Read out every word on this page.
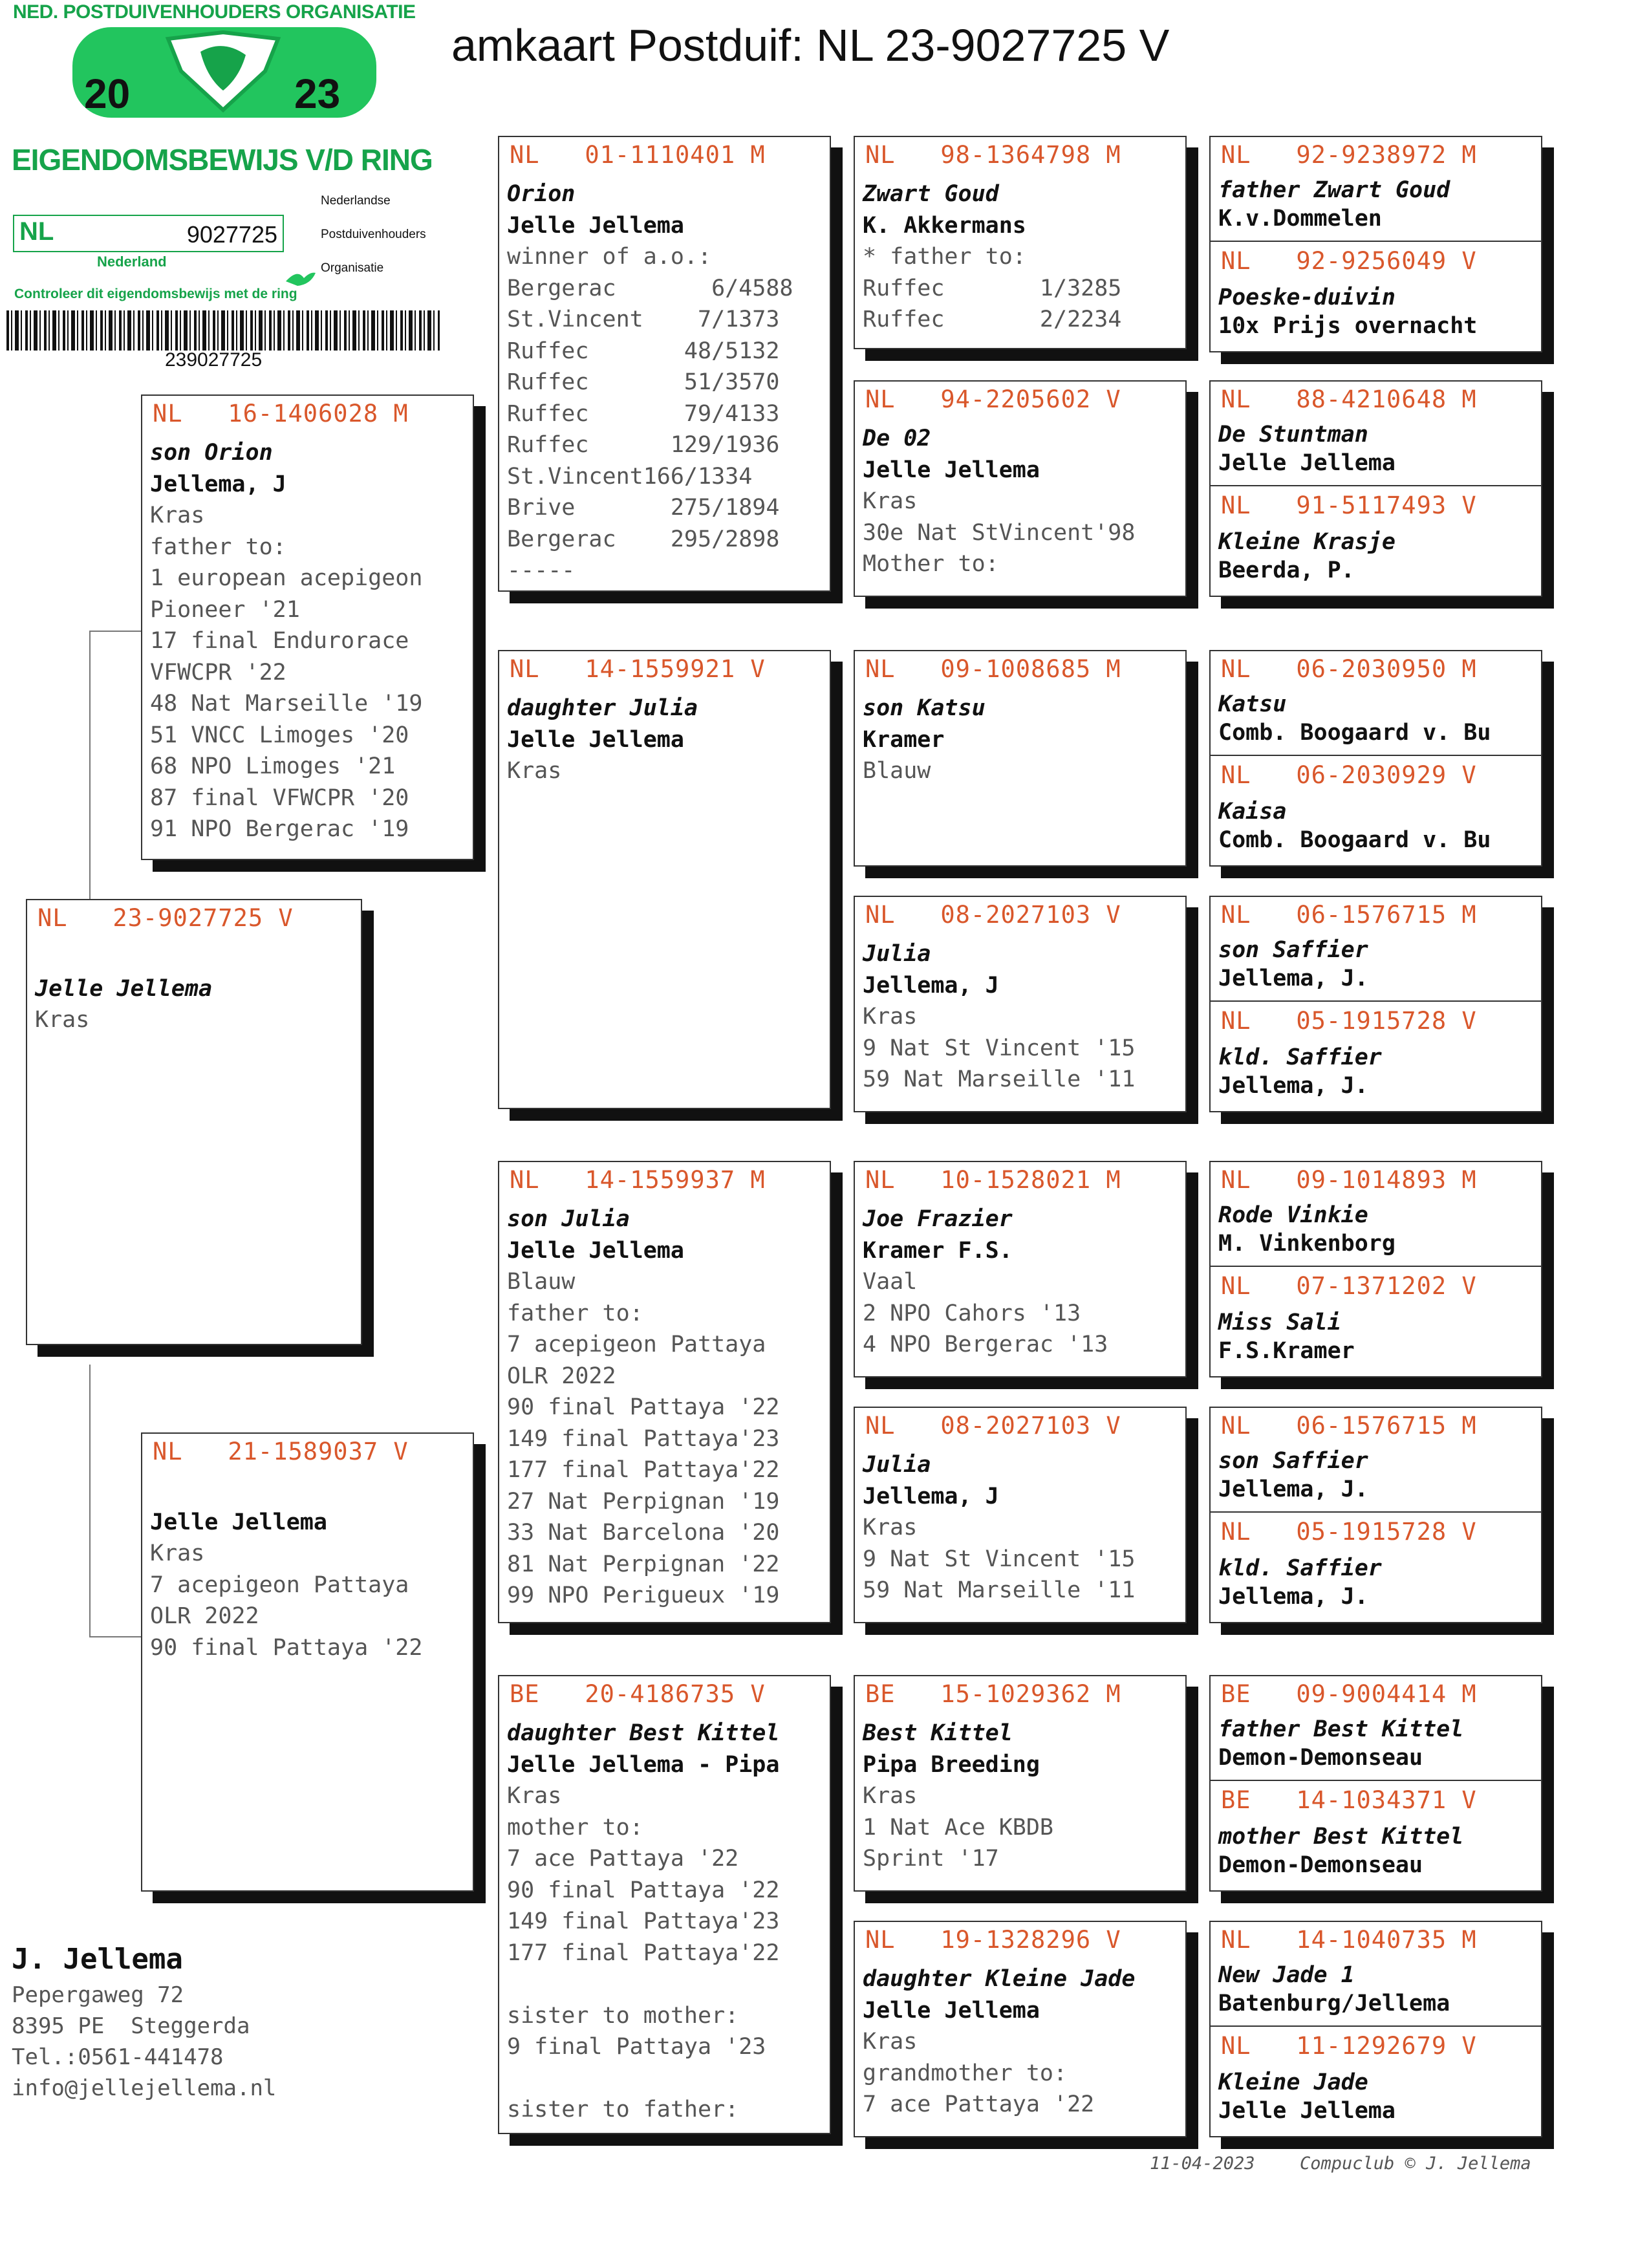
amkaart Postduif: NL 23-9027725 V
NED. POSTDUIVENHOUDERS ORGANISATIE
20	23
EIGENDOMSBEWIJS V/D RING
NL	9027725
Nederlandse
Postduivenhouders
Organisatie
Nederland
Controleer dit eigendomsbewijs met de ring
239027725
NL   23-9027725 V
Jelle Jellema
Kras
NL   16-1406028 M
son Orion
Jellema, J
Kras
father to:
1 european acepigeon
Pioneer '21
17 final Endurorace
VFWCPR '22
48 Nat Marseille '19
51 VNCC Limoges '20
68 NPO Limoges '21
87 final VFWCPR '20
91 NPO Bergerac '19
NL   21-1589037 V
Jelle Jellema
Kras
7 acepigeon Pattaya
OLR 2022
90 final Pattaya '22
NL   01-1110401 M
Orion
Jelle Jellema
winner of a.o.:
Bergerac       6/4588
St.Vincent    7/1373
Ruffec       48/5132
Ruffec       51/3570
Ruffec       79/4133
Ruffec      129/1936
St.Vincent166/1334
Brive       275/1894
Bergerac    295/2898
-----
NL   14-1559921 V
daughter Julia
Jelle Jellema
Kras
NL   14-1559937 M
son Julia
Jelle Jellema
Blauw
father to:
7 acepigeon Pattaya
OLR 2022
90 final Pattaya '22
149 final Pattaya'23
177 final Pattaya'22
27 Nat Perpignan '19
33 Nat Barcelona '20
81 Nat Perpignan '22
99 NPO Perigueux '19
BE   20-4186735 V
daughter Best Kittel
Jelle Jellema - Pipa
Kras
mother to:
7 ace Pattaya '22
90 final Pattaya '22
149 final Pattaya'23
177 final Pattaya'22
sister to mother:
9 final Pattaya '23
sister to father:
NL   98-1364798 M
Zwart Goud
K. Akkermans
* father to:
Ruffec       1/3285
Ruffec       2/2234
NL   94-2205602 V
De 02
Jelle Jellema
Kras
30e Nat StVincent'98
Mother to:
NL   09-1008685 M
son Katsu
Kramer
Blauw
NL   08-2027103 V
Julia
Jellema, J
Kras
9 Nat St Vincent '15
59 Nat Marseille '11
NL   10-1528021 M
Joe Frazier
Kramer F.S.
Vaal
2 NPO Cahors '13
4 NPO Bergerac '13
NL   08-2027103 V
Julia
Jellema, J
Kras
9 Nat St Vincent '15
59 Nat Marseille '11
BE   15-1029362 M
Best Kittel
Pipa Breeding
Kras
1 Nat Ace KBDB
Sprint '17
NL   19-1328296 V
daughter Kleine Jade
Jelle Jellema
Kras
grandmother to:
7 ace Pattaya '22
NL   92-9238972 M
father Zwart Goud
K.v.Dommelen
NL   92-9256049 V
Poeske-duivin
10x Prijs overnacht
NL   88-4210648 M
De Stuntman
Jelle Jellema
NL   91-5117493 V
Kleine Krasje
Beerda, P.
NL   06-2030950 M
Katsu
Comb. Boogaard v. Bu
NL   06-2030929 V
Kaisa
Comb. Boogaard v. Bu
NL   06-1576715 M
son Saffier
Jellema, J.
NL   05-1915728 V
kld. Saffier
Jellema, J.
NL   09-1014893 M
Rode Vinkie
M. Vinkenborg
NL   07-1371202 V
Miss Sali
F.S.Kramer
NL   06-1576715 M
son Saffier
Jellema, J.
NL   05-1915728 V
kld. Saffier
Jellema, J.
BE   09-9004414 M
father Best Kittel
Demon-Demonseau
BE   14-1034371 V
mother Best Kittel
Demon-Demonseau
NL   14-1040735 M
New Jade 1
Batenburg/Jellema
NL   11-1292679 V
Kleine Jade
Jelle Jellema
J. Jellema
Pepergaweg 72
8395 PE  Steggerda
Tel.:0561-441478
info@jellejellema.nl
11-04-2023	Compuclub © J. Jellema
